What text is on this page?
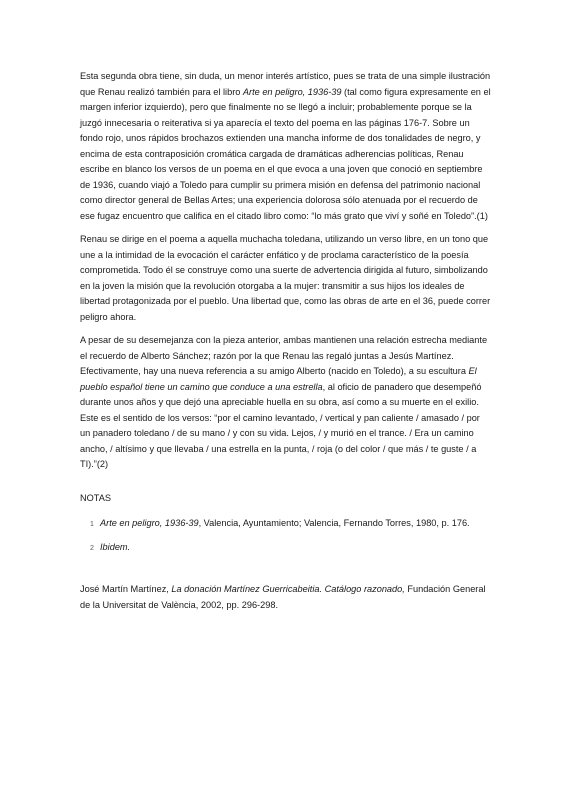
Esta segunda obra tiene, sin duda, un menor interés artístico, pues se trata de una simple ilustración que Renau realizó también para el libro Arte en peligro, 1936-39 (tal como figura expresamente en el margen inferior izquierdo), pero que finalmente no se llegó a incluir; probablemente porque se la juzgó innecesaria o reiterativa si ya aparecía el texto del poema en las páginas 176-7. Sobre un fondo rojo, unos rápidos brochazos extienden una mancha informe de dos tonalidades de negro, y encima de esta contraposición cromática cargada de dramáticas adherencias políticas, Renau escribe en blanco los versos de un poema en el que evoca a una joven que conoció en septiembre de 1936, cuando viajó a Toledo para cumplir su primera misión en defensa del patrimonio nacional como director general de Bellas Artes; una experiencia dolorosa sólo atenuada por el recuerdo de ese fugaz encuentro que califica en el citado libro como: “lo más grato que viví y soñé en Toledo”.(1)

Renau se dirige en el poema a aquella muchacha toledana, utilizando un verso libre, en un tono que une a la intimidad de la evocación el carácter enfático y de proclama característico de la poesía comprometida. Todo él se construye como una suerte de advertencia dirigida al futuro, simbolizando en la joven la misión que la revolución otorgaba a la mujer: transmitir a sus hijos los ideales de libertad protagonizada por el pueblo. Una libertad que, como las obras de arte en el 36, puede correr peligro ahora.

A pesar de su desemejanza con la pieza anterior, ambas mantienen una relación estrecha mediante el recuerdo de Alberto Sánchez; razón por la que Renau las regaló juntas a Jesús Martínez. Efectivamente, hay una nueva referencia a su amigo Alberto (nacido en Toledo), a su escultura El pueblo español tiene un camino que conduce a una estrella, al oficio de panadero que desempeñó durante unos años y que dejó una apreciable huella en su obra, así como a su muerte en el exilio. Este es el sentido de los versos: “por el camino levantado, / vertical y pan caliente / amasado / por un panadero toledano / de su mano / y con su vida. Lejos, / y murió en el trance. / Era un camino ancho, / altísimo y que llevaba / una estrella en la punta, / roja (o del color / que más / te guste / a TI).”(2)

NOTAS
1 Arte en peligro, 1936-39, Valencia, Ayuntamiento; Valencia, Fernando Torres, 1980, p. 176.
2 Ibidem.
José Martín Martínez, La donación Martínez Guerricabeitia. Catálogo razonado, Fundación General de la Universitat de València, 2002, pp. 296-298.
